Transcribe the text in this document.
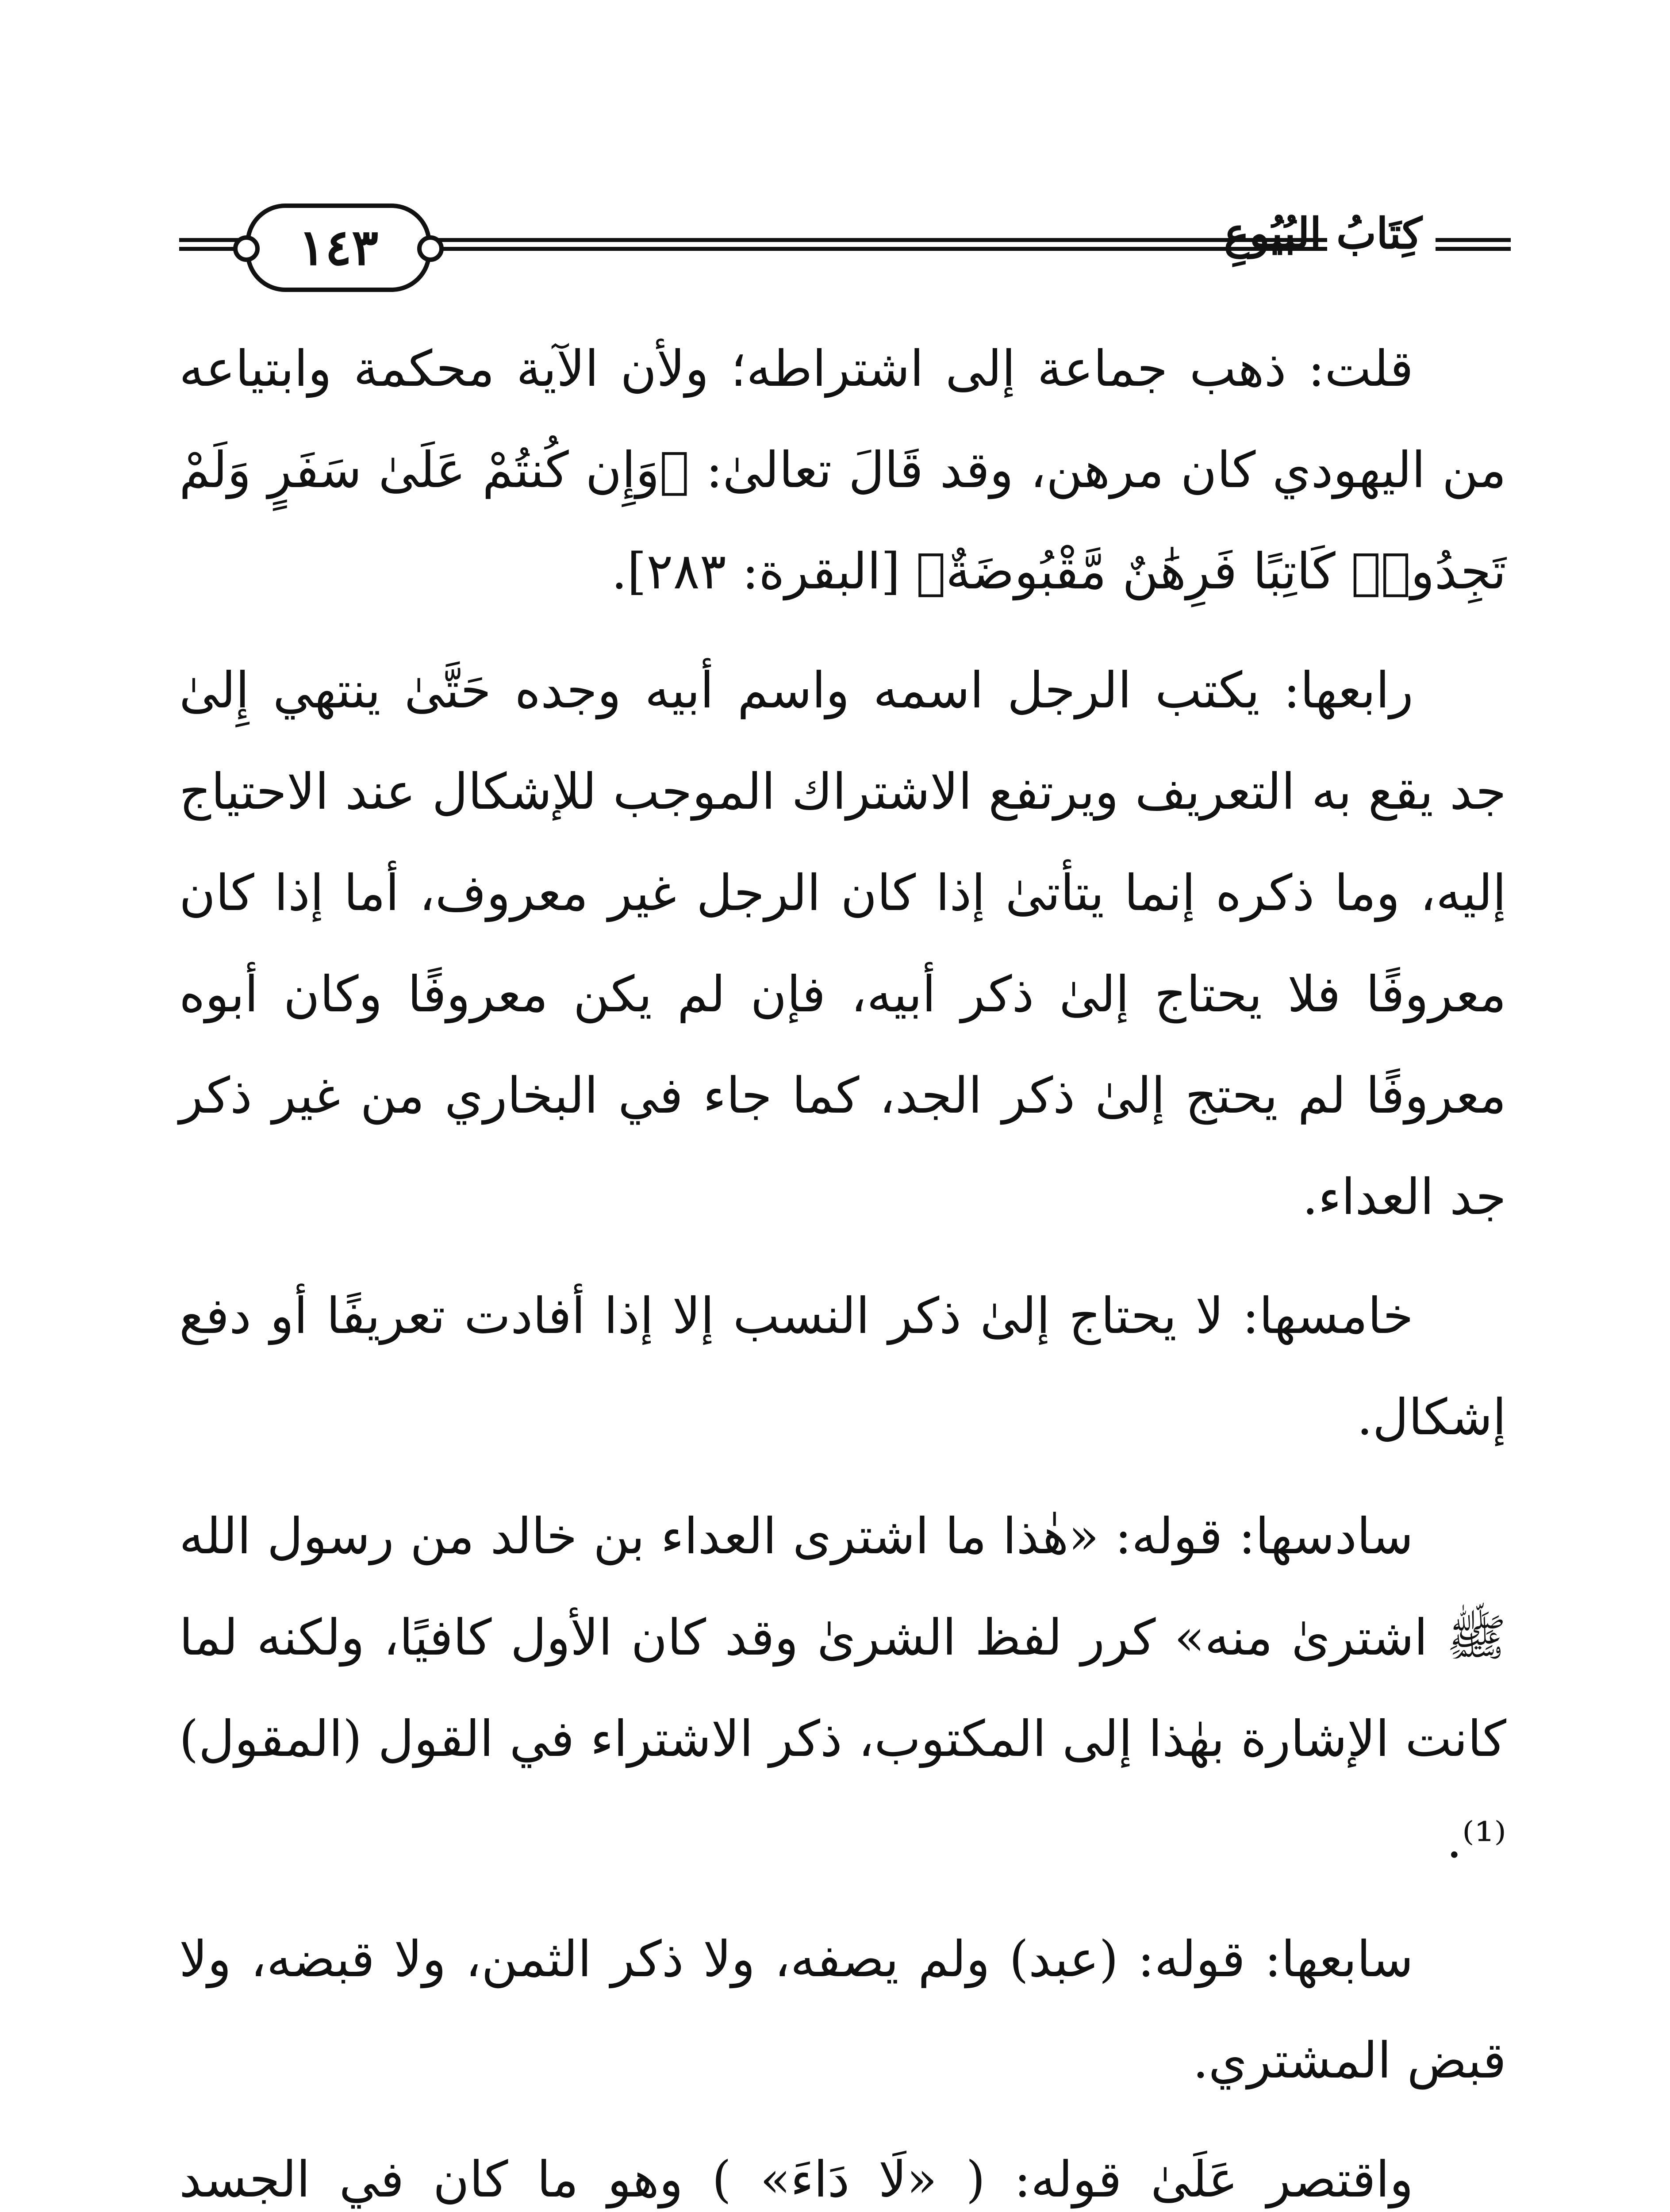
١٤٣	كِتَابُ البُيُوعِ

قلت: ذهب جماعة إلى اشتراطه؛ ولأن الآية محكمة وابتياعه من اليهودي كان مرهن، وقد قَالَ تعالىٰ: ﴿وَإِن كُنتُمْ عَلَىٰ سَفَرٍ وَلَمْ تَجِدُوا۟ كَاتِبًا فَرِهَٰنٌ مَّقْبُوضَةٌ﴾ [البقرة: ٢٨٣].

رابعها: يكتب الرجل اسمه واسم أبيه وجده حَتَّىٰ ينتهي إِلىٰ جد يقع به التعريف ويرتفع الاشتراك الموجب للإشكال عند الاحتياج إليه، وما ذكره إنما يتأتىٰ إذا كان الرجل غير معروف، أما إذا كان معروفًا فلا يحتاج إلىٰ ذكر أبيه، فإن لم يكن معروفًا وكان أبوه معروفًا لم يحتج إلىٰ ذكر الجد، كما جاء في البخاري من غير ذكر جد العداء.

خامسها: لا يحتاج إلىٰ ذكر النسب إلا إذا أفادت تعريفًا أو دفع إشكال.

سادسها: قوله: «هٰذا ما اشترى العداء بن خالد من رسول الله ﷺ اشترىٰ منه» كرر لفظ الشرىٰ وقد كان الأول كافيًا، ولكنه لما كانت الإشارة بهٰذا إلى المكتوب، ذكر الاشتراء في القول (المقول)⁽¹⁾.

سابعها: قوله: (عبد) ولم يصفه، ولا ذكر الثمن، ولا قبضه، ولا قبض المشتري.

واقتصر عَلَىٰ قوله: ( «لَا دَاءَ» ) وهو ما كان في الجسد
